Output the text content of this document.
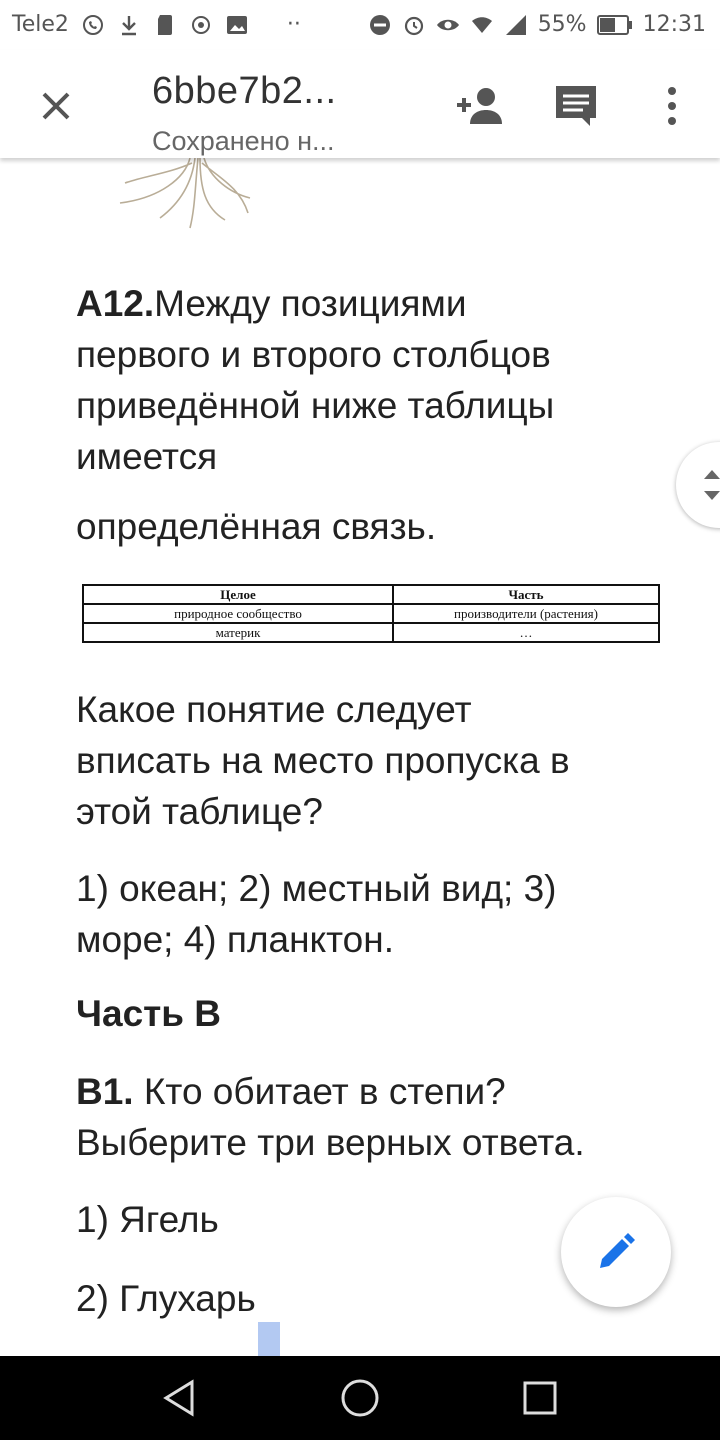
Tele2	··	55%	12:31
6bbe7b2...
Сохранено н...
A12.Между позициями
первого и второго столбцов
приведённой ниже таблицы
имеется
определённая связь.
Целое	Часть
природное сообщество	производители (растения)
материк	…
Какое понятие следует
вписать на место пропуска в
этой таблице?
1) океан; 2) местный вид; 3)
море; 4) планктон.
Часть В
В1. Кто обитает в степи?
Выберите три верных ответа.
1) Ягель
2) Глухарь
